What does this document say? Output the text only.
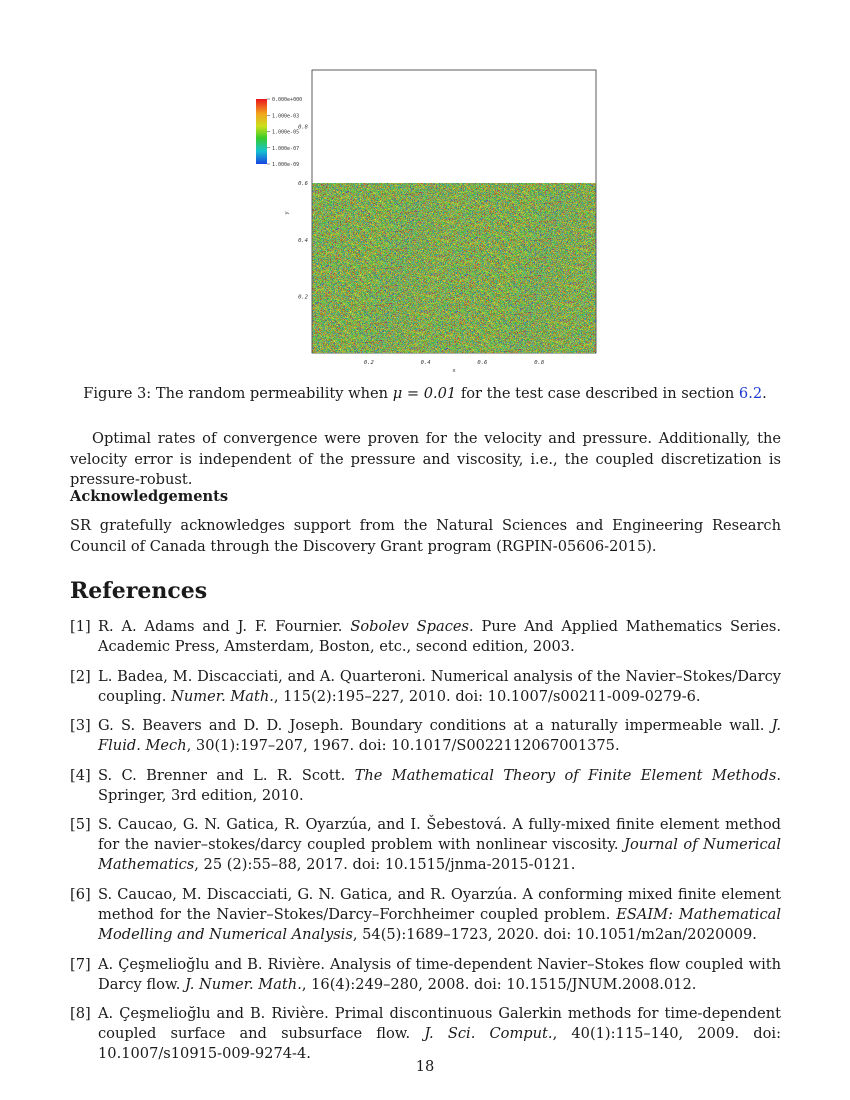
0.000e+000
1.000e-03
1.000e-05
1.000e-07
1.000e-09
0.2	0.4	0.6	0.8
0.8
0.6
0.4
0.2
x
y
Figure 3: The random permeability when μ = 0.01 for the test case described in section 6.2.
Optimal rates of convergence were proven for the velocity and pressure. Additionally, the velocity error is independent of the pressure and viscosity, i.e., the coupled discretization is pressure-robust.
Acknowledgements
SR gratefully acknowledges support from the Natural Sciences and Engineering Research Council of Canada through the Discovery Grant program (RGPIN-05606-2015).
References
[1] R. A. Adams and J. F. Fournier. Sobolev Spaces. Pure And Applied Mathematics Series. Academic Press, Amsterdam, Boston, etc., second edition, 2003.
[2] L. Badea, M. Discacciati, and A. Quarteroni. Numerical analysis of the Navier–Stokes/Darcy coupling. Numer. Math., 115(2):195–227, 2010. doi: 10.1007/s00211-009-0279-6.
[3] G. S. Beavers and D. D. Joseph. Boundary conditions at a naturally impermeable wall. J. Fluid. Mech, 30(1):197–207, 1967. doi: 10.1017/S0022112067001375.
[4] S. C. Brenner and L. R. Scott. The Mathematical Theory of Finite Element Methods. Springer, 3rd edition, 2010.
[5] S. Caucao, G. N. Gatica, R. Oyarzúa, and I. Šebestová. A fully-mixed finite element method for the navier–stokes/darcy coupled problem with nonlinear viscosity. Journal of Numerical Mathematics, 25 (2):55–88, 2017. doi: 10.1515/jnma-2015-0121.
[6] S. Caucao, M. Discacciati, G. N. Gatica, and R. Oyarzúa. A conforming mixed finite element method for the Navier–Stokes/Darcy–Forchheimer coupled problem. ESAIM: Mathematical Modelling and Numerical Analysis, 54(5):1689–1723, 2020. doi: 10.1051/m2an/2020009.
[7] A. Çeşmelioğlu and B. Rivière. Analysis of time-dependent Navier–Stokes flow coupled with Darcy flow. J. Numer. Math., 16(4):249–280, 2008. doi: 10.1515/JNUM.2008.012.
[8] A. Çeşmelioğlu and B. Rivière. Primal discontinuous Galerkin methods for time-dependent coupled surface and subsurface flow. J. Sci. Comput., 40(1):115–140, 2009. doi: 10.1007/s10915-009-9274-4.
18
